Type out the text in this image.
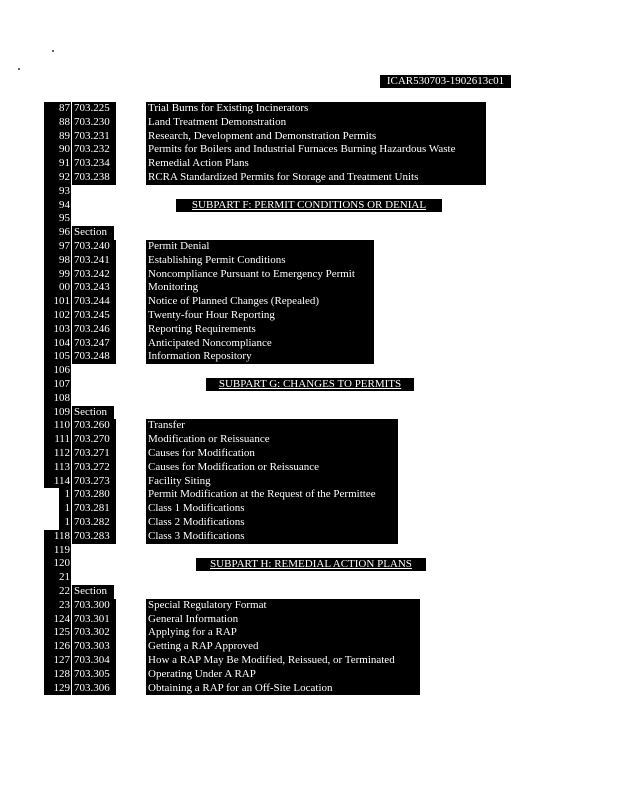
ICAR530703-1902613c01
87 703.225	Trial Burns for Existing Incinerators
88 703.230	Land Treatment Demonstration
89 703.231	Research, Development and Demonstration Permits
90 703.232	Permits for Boilers and Industrial Furnaces Burning Hazardous Waste
91 703.234	Remedial Action Plans
92 703.238	RCRA Standardized Permits for Storage and Treatment Units
93
94	SUBPART F: PERMIT CONDITIONS OR DENIAL
95
96 Section
97 703.240	Permit Denial
98 703.241	Establishing Permit Conditions
99 703.242	Noncompliance Pursuant to Emergency Permit
00 703.243	Monitoring
101 703.244	Notice of Planned Changes (Repealed)
102 703.245	Twenty-four Hour Reporting
103 703.246	Reporting Requirements
104 703.247	Anticipated Noncompliance
105 703.248	Information Repository
106
107	SUBPART G: CHANGES TO PERMITS
108
109 Section
110 703.260	Transfer
111 703.270	Modification or Reissuance
112 703.271	Causes for Modification
113 703.272	Causes for Modification or Reissuance
114 703.273	Facility Siting
1 703.280	Permit Modification at the Request of the Permittee
1 703.281	Class 1 Modifications
1 703.282	Class 2 Modifications
118 703.283	Class 3 Modifications
119
120	SUBPART H: REMEDIAL ACTION PLANS
21
22 Section
23 703.300	Special Regulatory Format
124 703.301	General Information
125 703.302	Applying for a RAP
126 703.303	Getting a RAP Approved
127 703.304	How a RAP May Be Modified, Reissued, or Terminated
128 703.305	Operating Under A RAP
129 703.306	Obtaining a RAP for an Off-Site Location
